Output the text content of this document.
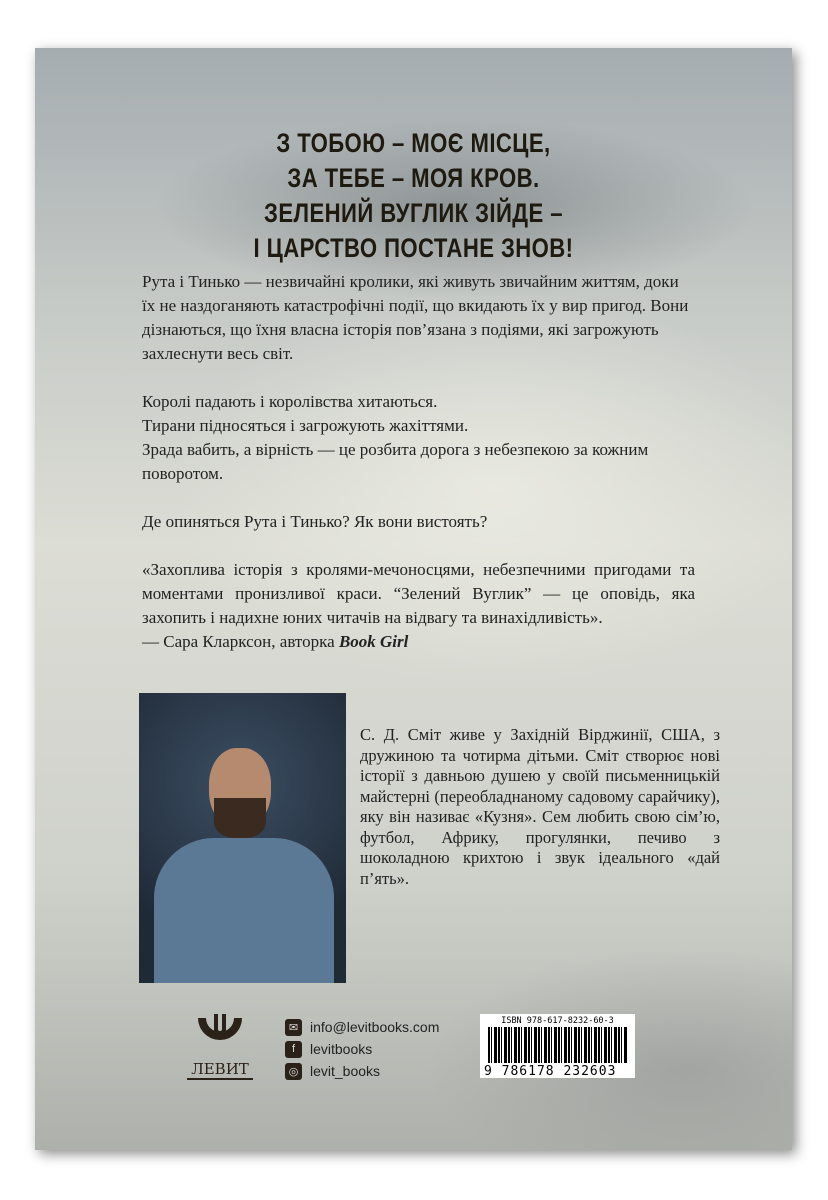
З ТОБОЮ – МОЄ МІСЦЕ,
ЗА ТЕБЕ – МОЯ КРОВ.
ЗЕЛЕНИЙ ВУГЛИК ЗІЙДЕ –
І ЦАРСТВО ПОСТАНЕ ЗНОВ!

Рута і Тинько — незвичайні кролики, які живуть звичайним життям, доки їх не наздоганяють катастрофічні події, що вкидають їх у вир пригод. Вони дізнаються, що їхня власна історія пов’язана з подіями, які загрожують захлеснути весь світ.

Королі падають і королівства хитаються.

Тирани підносяться і загрожують жахіттями.

Зрада вабить, а вірність — це розбита дорога з небезпекою за кожним поворотом.

Де опиняться Рута і Тинько? Як вони вистоять?

«Захоплива історія з кролями-мечоносцями, небезпечними пригодами та моментами пронизливої краси. “Зелений Вуглик” — це оповідь, яка захопить і надихне юних читачів на відвагу та винахідливість».

— Сара Кларксон, авторка Book Girl

С. Д. Сміт живе у Західній Вірджинії, США, з дружиною та чотирма дітьми. Сміт створює нові історії з давньою душею у своїй письменницькій майстерні (переобладнаному садовому сарайчику), яку він називає «Кузня». Сем любить свою сім’ю, футбол, Африку, прогулянки, печиво з шоколадною крихтою і звук ідеального «дай п’ять».
ЛЕВИТ
✉ info@levitbooks.com
f	levitbooks
◎ levit_books
ISBN 978-617-8232-60-3
9 786178 232603
